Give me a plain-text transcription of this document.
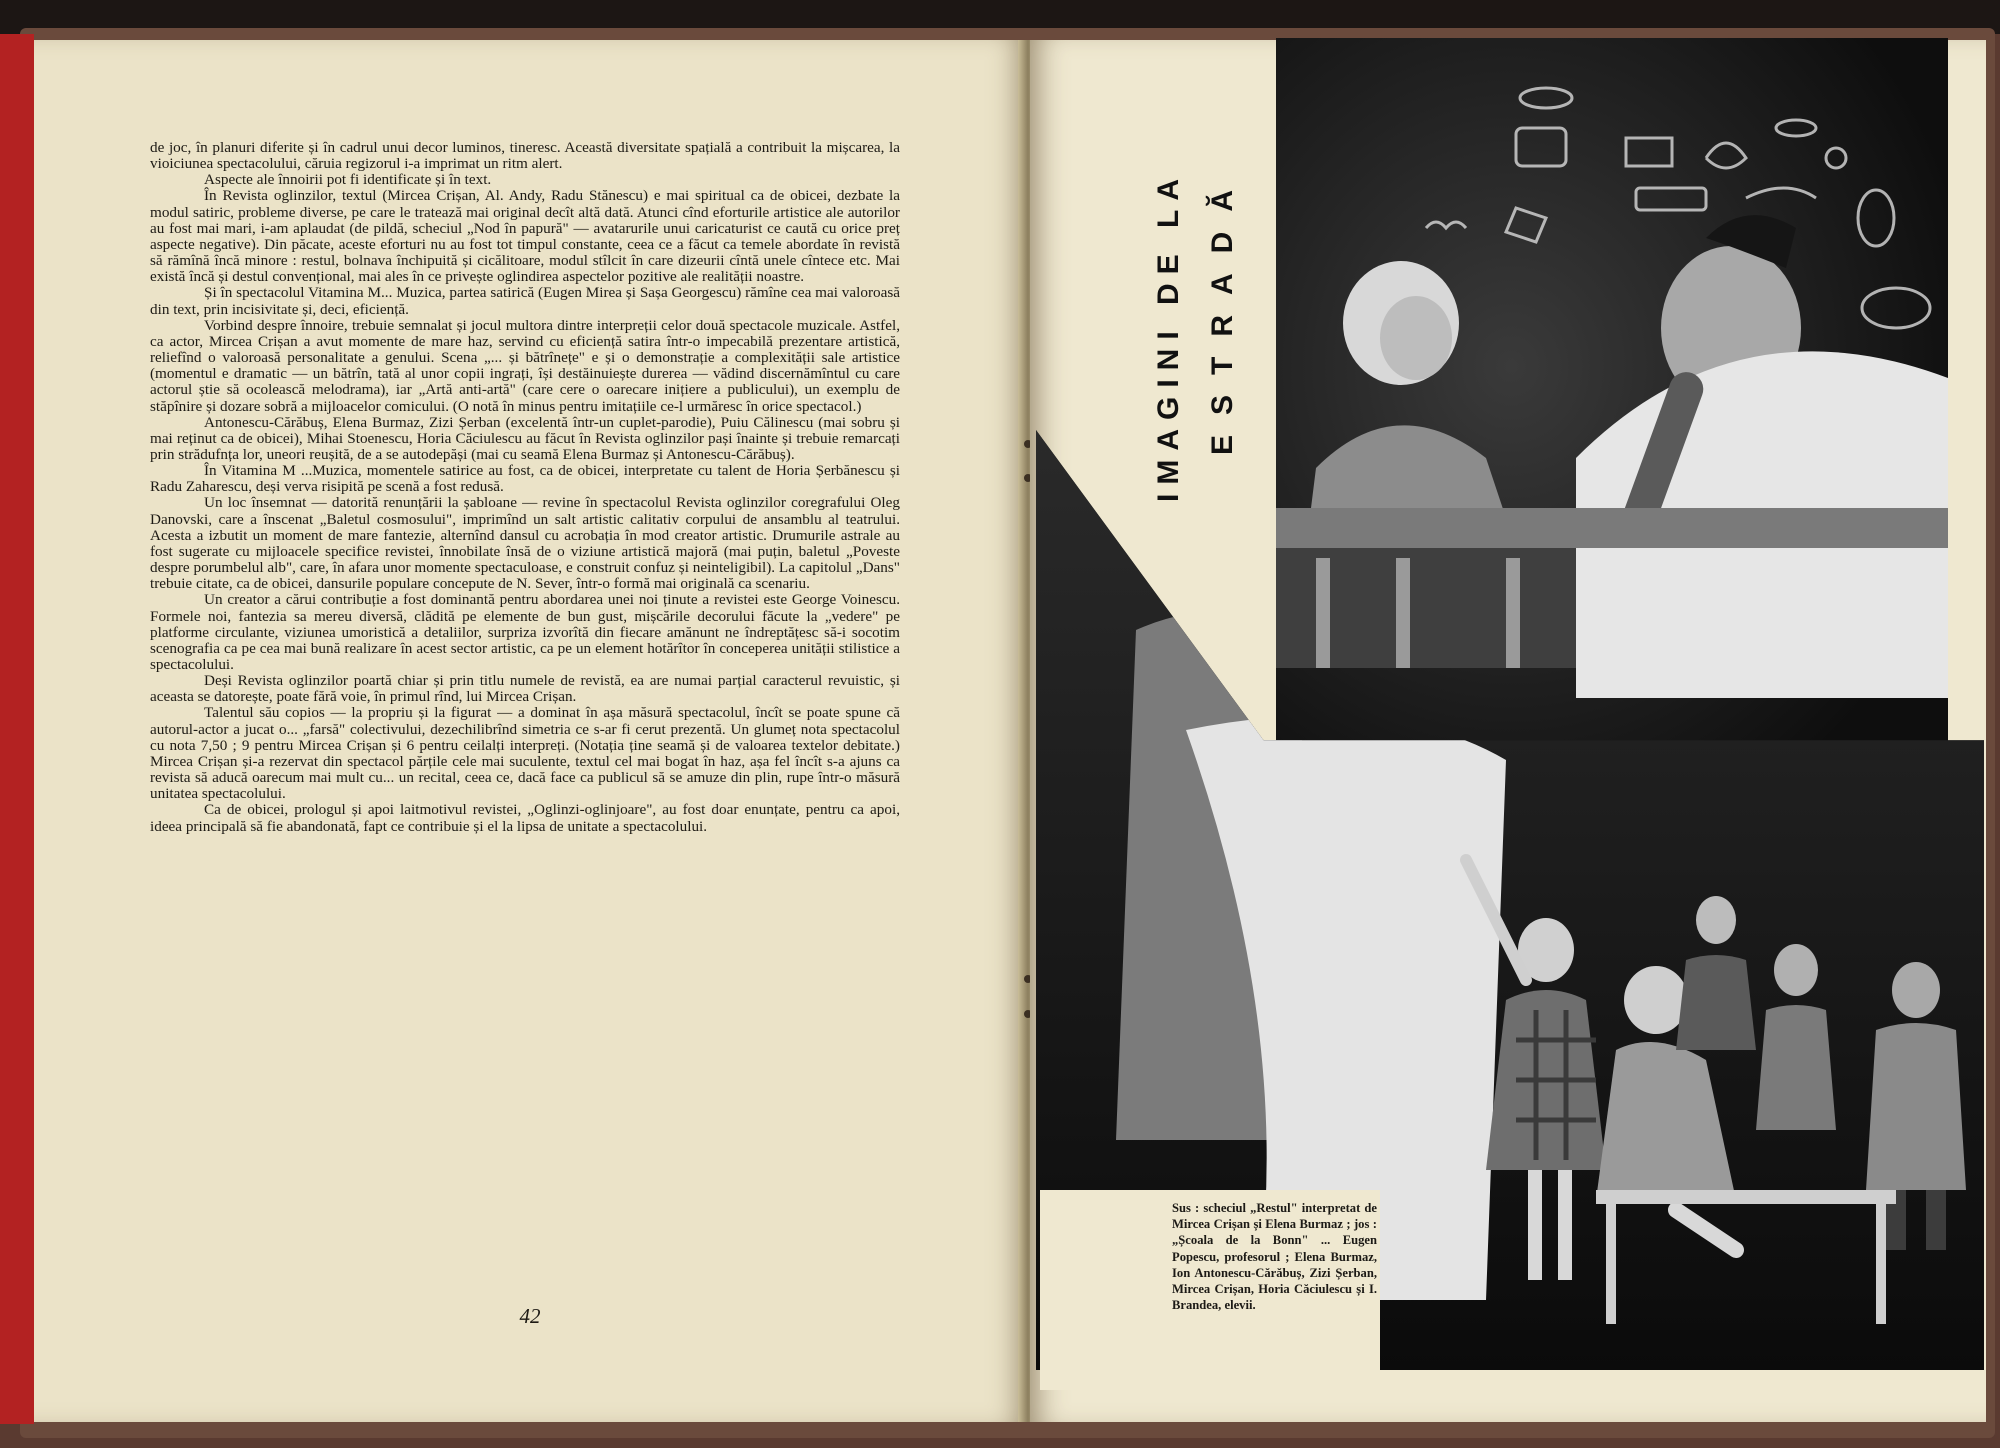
de joc, în planuri diferite și în cadrul unui decor luminos, tineresc. Această diversitate spațială a contribuit la mișcarea, la vioiciunea spectacolului, căruia regizorul i-a imprimat un ritm alert.

Aspecte ale înnoirii pot fi identificate și în text.

În Revista oglinzilor, textul (Mircea Crișan, Al. Andy, Radu Stănescu) e mai spiritual ca de obicei, dezbate la modul satiric, probleme diverse, pe care le tratează mai original decît altă dată. Atunci cînd eforturile artistice ale autorilor au fost mai mari, i-am aplaudat (de pildă, scheciul „Nod în papură" — avatarurile unui caricaturist ce caută cu orice preț aspecte negative). Din păcate, aceste eforturi nu au fost tot timpul constante, ceea ce a făcut ca temele abordate în revistă să rămînă încă minore : restul, bolnava închipuită și cicălitoare, modul stîlcit în care dizeurii cîntă unele cîntece etc. Mai există încă și destul convențional, mai ales în ce privește oglindirea aspectelor pozitive ale realității noastre.

Și în spectacolul Vitamina M... Muzica, partea satirică (Eugen Mirea și Sașa Georgescu) rămîne cea mai valoroasă din text, prin incisivitate și, deci, eficiență.

Vorbind despre înnoire, trebuie semnalat și jocul multora dintre interpreții celor două spectacole muzicale. Astfel, ca actor, Mircea Crișan a avut momente de mare haz, servind cu eficiență satira într-o impecabilă prezentare artistică, reliefînd o valoroasă personalitate a genului. Scena „... și bătrînețe" e și o demonstrație a complexității sale artistice (momentul e dramatic — un bătrîn, tată al unor copii ingrați, își destăinuiește durerea — vădind discernămîntul cu care actorul știe să ocolească melodrama), iar „Artă anti-artă" (care cere o oarecare inițiere a publicului), un exemplu de stăpînire și dozare sobră a mijloacelor comicului. (O notă în minus pentru imitațiile ce-l urmăresc în orice spectacol.)

Antonescu-Cărăbuș, Elena Burmaz, Zizi Șerban (excelentă într-un cuplet-parodie), Puiu Călinescu (mai sobru și mai reținut ca de obicei), Mihai Stoenescu, Horia Căciulescu au făcut în Revista oglinzilor pași înainte și trebuie remarcați prin strădufnța lor, uneori reușită, de a se autodepăși (mai cu seamă Elena Burmaz și Antonescu-Cărăbuș).

În Vitamina M ...Muzica, momentele satirice au fost, ca de obicei, interpretate cu talent de Horia Șerbănescu și Radu Zaharescu, deși verva risipită pe scenă a fost redusă.

Un loc însemnat — datorită renunțării la șabloane — revine în spectacolul Revista oglinzilor coregrafului Oleg Danovski, care a înscenat „Baletul cosmosului", imprimînd un salt artistic calitativ corpului de ansamblu al teatrului. Acesta a izbutit un moment de mare fantezie, alternînd dansul cu acrobația în mod creator artistic. Drumurile astrale au fost sugerate cu mijloacele specifice revistei, înnobilate însă de o viziune artistică majoră (mai puțin, baletul „Poveste despre porumbelul alb", care, în afara unor momente spectaculoase, e construit confuz și neinteligibil). La capitolul „Dans" trebuie citate, ca de obicei, dansurile populare concepute de N. Sever, într-o formă mai originală ca scenariu.

Un creator a cărui contribuție a fost dominantă pentru abordarea unei noi ținute a revistei este George Voinescu. Formele noi, fantezia sa mereu diversă, clădită pe elemente de bun gust, mișcările decorului făcute la „vedere" pe platforme circulante, viziunea umoristică a detaliilor, surpriza izvorîtă din fiecare amănunt ne îndreptățesc să-i socotim scenografia ca pe cea mai bună realizare în acest sector artistic, ca pe un element hotărîtor în conceperea unității stilistice a spectacolului.

Deși Revista oglinzilor poartă chiar și prin titlu numele de revistă, ea are numai parțial caracterul revuistic, și aceasta se datorește, poate fără voie, în primul rînd, lui Mircea Crișan.

Talentul său copios — la propriu și la figurat — a dominat în așa măsură spectacolul, încît se poate spune că autorul-actor a jucat o... „farsă" colectivului, dezechilibrînd simetria ce s-ar fi cerut prezentă. Un glumeț nota spectacolul cu nota 7,50 ; 9 pentru Mircea Crișan și 6 pentru ceilalți interpreți. (Notația ține seamă și de valoarea textelor debitate.) Mircea Crișan și-a rezervat din spectacol părțile cele mai suculente, textul cel mai bogat în haz, așa fel încît s-a ajuns ca revista să aducă oarecum mai mult cu... un recital, ceea ce, dacă face ca publicul să se amuze din plin, rupe într-o măsură unitatea spectacolului.

Ca de obicei, prologul și apoi laitmotivul revistei, „Oglinzi-oglinjoare", au fost doar enunțate, pentru ca apoi, ideea principală să fie abandonată, fapt ce contribuie și el la lipsa de unitate a spectacolului.

42
IMAGINI DE LA ESTRADĂ
Sus : scheciul „Restul" interpretat de Mircea Crișan și Elena Burmaz ; jos : „Școala de la Bonn" ... Eugen Popescu, profesorul ; Elena Burmaz, Ion Antonescu-Cărăbuș, Zizi Șerban, Mircea Crișan, Horia Căciulescu și I. Brandea, elevii.
